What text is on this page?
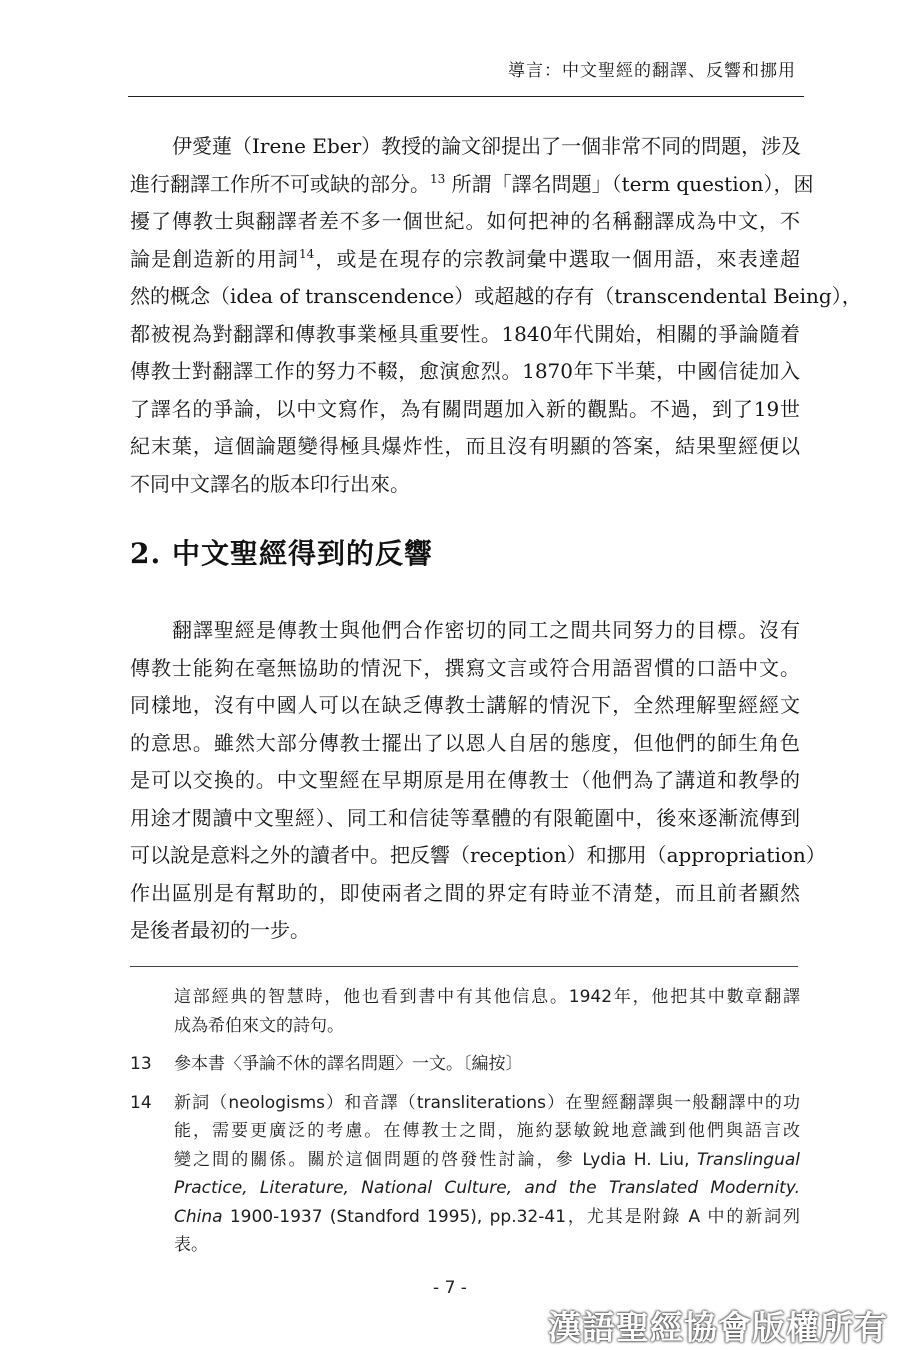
導言：中文聖經的翻譯、反響和挪用
伊愛蓮（Irene Eber）教授的論文卻提出了一個非常不同的問題，涉及
進行翻譯工作所不可或缺的部分。$^{13}$ 所謂「譯名問題」（term question），困
擾了傳教士與翻譯者差不多一個世紀。如何把神的名稱翻譯成為中文，不
論是創造新的用詞$^{14}$，或是在現存的宗教詞彙中選取一個用語，來表達超
然的概念（idea of transcendence）或超越的存有（transcendental Being），
都被視為對翻譯和傳教事業極具重要性。1840年代開始，相關的爭論隨着
傳教士對翻譯工作的努力不輟，愈演愈烈。1870年下半葉，中國信徒加入
了譯名的爭論，以中文寫作，為有關問題加入新的觀點。不過，到了19世
紀末葉，這個論題變得極具爆炸性，而且沒有明顯的答案，結果聖經便以
不同中文譯名的版本印行出來。
2. 中文聖經得到的反響
翻譯聖經是傳教士與他們合作密切的同工之間共同努力的目標。沒有
傳教士能夠在毫無協助的情況下，撰寫文言或符合用語習慣的口語中文。
同樣地，沒有中國人可以在缺乏傳教士講解的情況下，全然理解聖經經文
的意思。雖然大部分傳教士擺出了以恩人自居的態度，但他們的師生角色
是可以交換的。中文聖經在早期原是用在傳教士（他們為了講道和教學的
用途才閱讀中文聖經）、同工和信徒等羣體的有限範圍中，後來逐漸流傳到
可以說是意料之外的讀者中。把反響（reception）和挪用（appropriation）
作出區別是有幫助的，即使兩者之間的界定有時並不清楚，而且前者顯然
是後者最初的一步。
這部經典的智慧時，他也看到書中有其他信息。1942年，他把其中數章翻譯
成為希伯來文的詩句。
13 參本書〈爭論不休的譯名問題〉一文。〔編按〕
14 新詞（neologisms）和音譯（transliterations）在聖經翻譯與一般翻譯中的功
能，需要更廣泛的考慮。在傳教士之間，施約瑟敏銳地意識到他們與語言改
變之間的關係。關於這個問題的啓發性討論，參 Lydia H. Liu, Translingual
Practice, Literature, National Culture, and the Translated Modernity.
China 1900-1937 (Standford 1995), pp.32-41，尤其是附錄 A 中的新詞列
表。
- 7 -
漢語聖經協會版權所有
